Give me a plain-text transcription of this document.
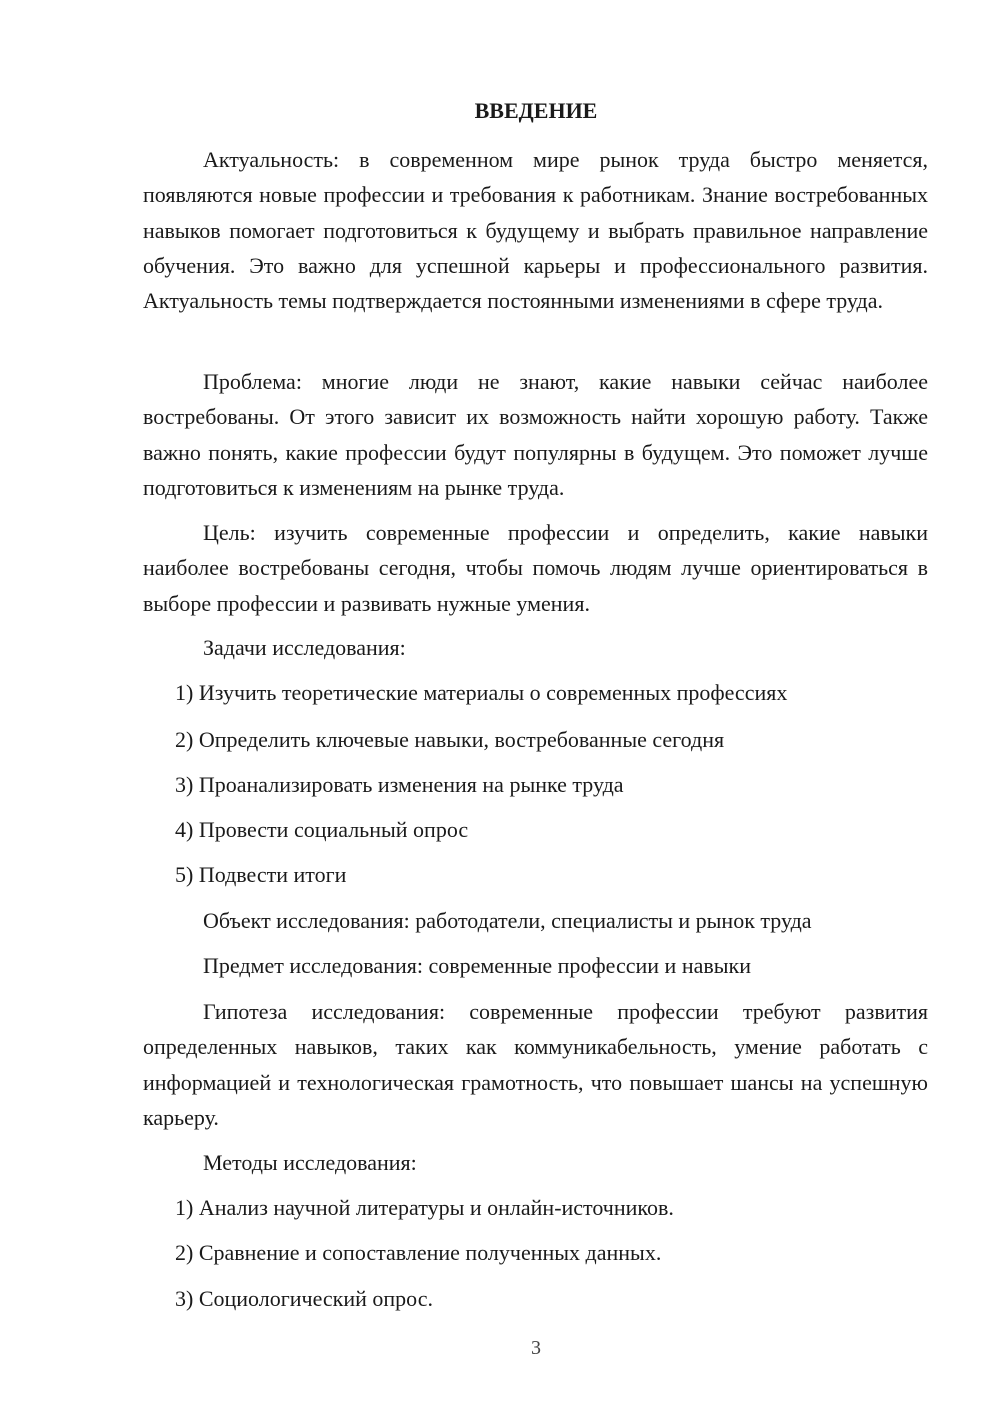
ВВЕДЕНИЕ

Актуальность: в современном мире рынок труда быстро меняется, появляются новые профессии и требования к работникам. Знание востребованных навыков помогает подготовиться к будущему и выбрать правильное направление обучения. Это важно для успешной карьеры и профессионального развития. Актуальность темы подтверждается постоянными изменениями в сфере труда.

Проблема: многие люди не знают, какие навыки сейчас наиболее востребованы. От этого зависит их возможность найти хорошую работу. Также важно понять, какие профессии будут популярны в будущем. Это поможет лучше подготовиться к изменениям на рынке труда.

Цель: изучить современные профессии и определить, какие навыки наиболее востребованы сегодня, чтобы помочь людям лучше ориентироваться в выборе профессии и развивать нужные умения.

Задачи исследования:

1) Изучить теоретические материалы о современных профессиях

2) Определить ключевые навыки, востребованные сегодня

3) Проанализировать изменения на рынке труда

4) Провести социальный опрос

5) Подвести итоги

Объект исследования: работодатели, специалисты и рынок труда

Предмет исследования: современные профессии и навыки

Гипотеза исследования: современные профессии требуют развития определенных навыков, таких как коммуникабельность, умение работать с информацией и технологическая грамотность, что повышает шансы на успешную карьеру.

Методы исследования:

1) Анализ научной литературы и онлайн-источников.

2) Сравнение и сопоставление полученных данных.

3) Социологический опрос.

3
